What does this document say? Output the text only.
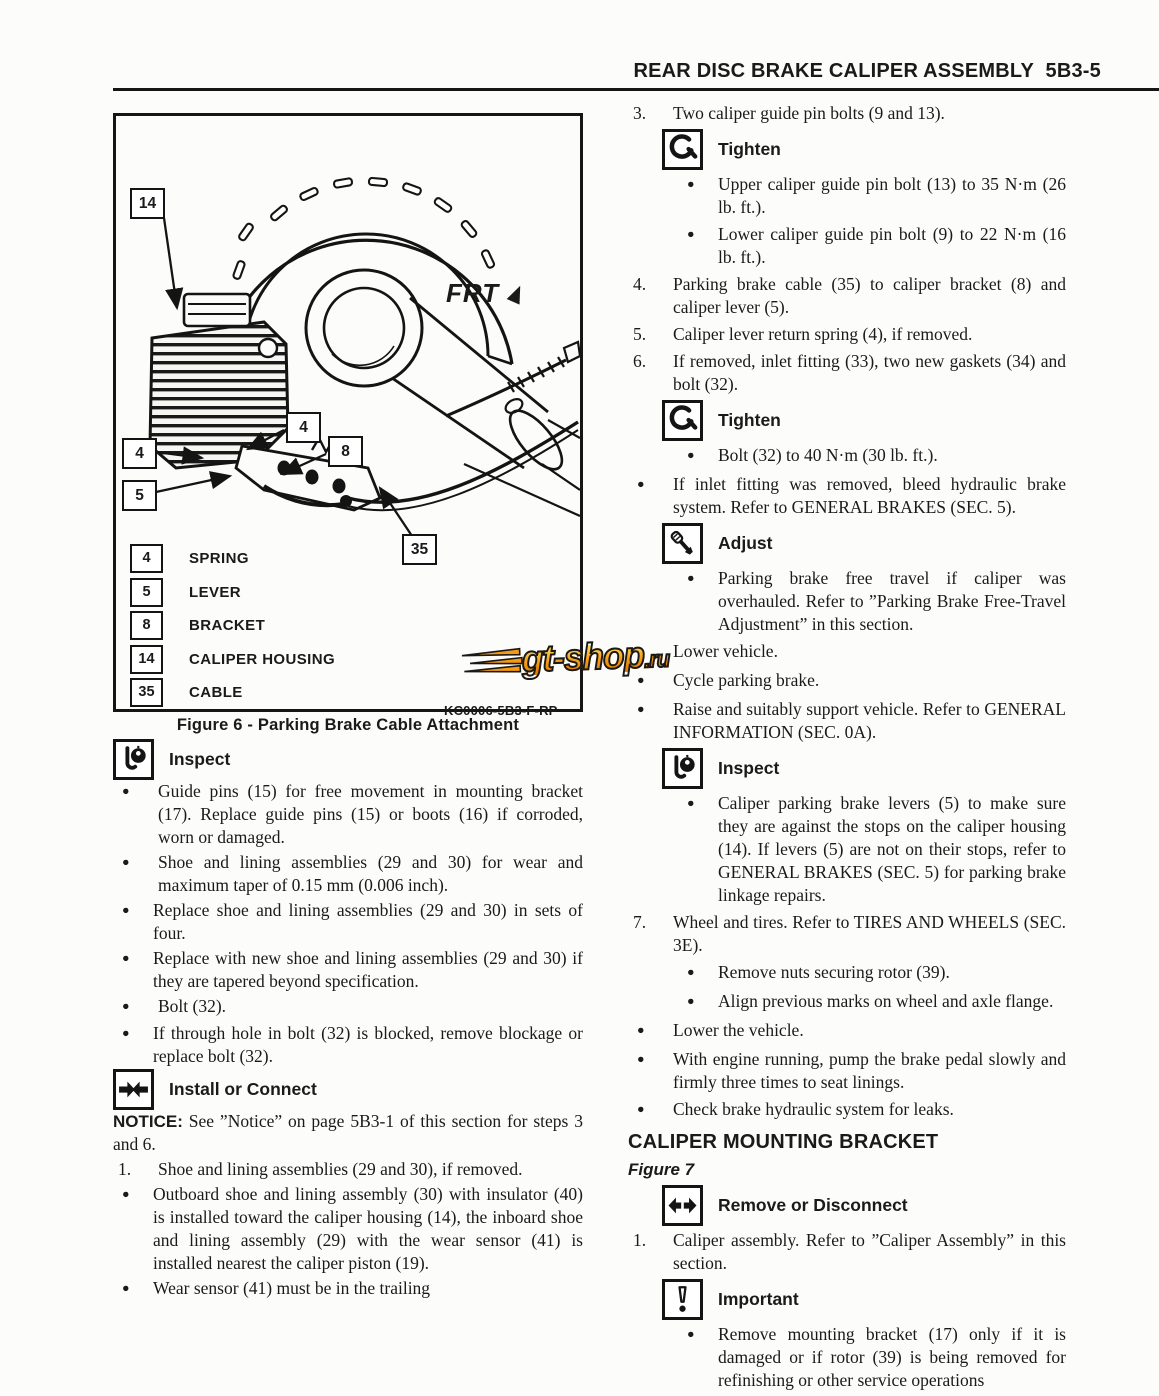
REAR DISC BRAKE CALIPER ASSEMBLY 5B3-5
14
4
8
4
5
35
FRT ▲
4	SPRING
5	LEVER
8	BRACKET
14	CALIPER HOUSING
35	CABLE
KC0006-5B3-F-RP
Figure 6 - Parking Brake Cable Attachment
.ru
Inspect
●
Guide pins (15) for free movement in mounting bracket (17). Replace guide pins (15) or boots (16) if corroded, worn or damaged.
●
Shoe and lining assemblies (29 and 30) for wear and maximum taper of 0.15 mm (0.006 inch).
●
Replace shoe and lining assemblies (29 and 30) in sets of four.
●
Replace with new shoe and lining assemblies (29 and 30) if they are tapered beyond specification.
●
Bolt (32).
●
If through hole in bolt (32) is blocked, remove blockage or replace bolt (32).
Install or Connect
NOTICE: See ”Notice” on page 5B3-1 of this section for steps 3 and 6.
1.	Shoe and lining assemblies (29 and 30), if removed.
●
Outboard shoe and lining assembly (30) with insulator (40) is installed toward the caliper housing (14), the inboard shoe and lining assembly (29) with the wear sensor (41) is installed nearest the caliper piston (19).
●
Wear sensor (41) must be in the trailing
3.	Two caliper guide pin bolts (9 and 13).
Tighten
●
Upper caliper guide pin bolt (13) to 35 N·m (26 lb. ft.).
●
Lower caliper guide pin bolt (9) to 22 N·m (16 lb. ft.).
4.	Parking brake cable (35) to caliper bracket (8) and caliper lever (5).
5.	Caliper lever return spring (4), if removed.
6.	If removed, inlet fitting (33), two new gaskets (34) and bolt (32).
Tighten
●
Bolt (32) to 40 N·m (30 lb. ft.).
●
If inlet fitting was removed, bleed hydraulic brake system. Refer to GENERAL BRAKES (SEC. 5).
Adjust
●
Parking brake free travel if caliper was overhauled. Refer to ”Parking Brake Free-Travel Adjustment” in this section.
●
Lower vehicle.
●
Cycle parking brake.
●
Raise and suitably support vehicle. Refer to GENERAL INFORMATION (SEC. 0A).
Inspect
●
Caliper parking brake levers (5) to make sure they are against the stops on the caliper housing (14). If levers (5) are not on their stops, refer to GENERAL BRAKES (SEC. 5) for parking brake linkage repairs.
7.	Wheel and tires. Refer to TIRES AND WHEELS (SEC. 3E).
●
Remove nuts securing rotor (39).
●
Align previous marks on wheel and axle flange.
●
Lower the vehicle.
●
With engine running, pump the brake pedal slowly and firmly three times to seat linings.
●
Check brake hydraulic system for leaks.
CALIPER MOUNTING BRACKET
Figure 7
Remove or Disconnect
1.	Caliper assembly. Refer to ”Caliper Assembly” in this section.
Important
●
Remove mounting bracket (17) only if it is damaged or if rotor (39) is being removed for refinishing or other service operations
